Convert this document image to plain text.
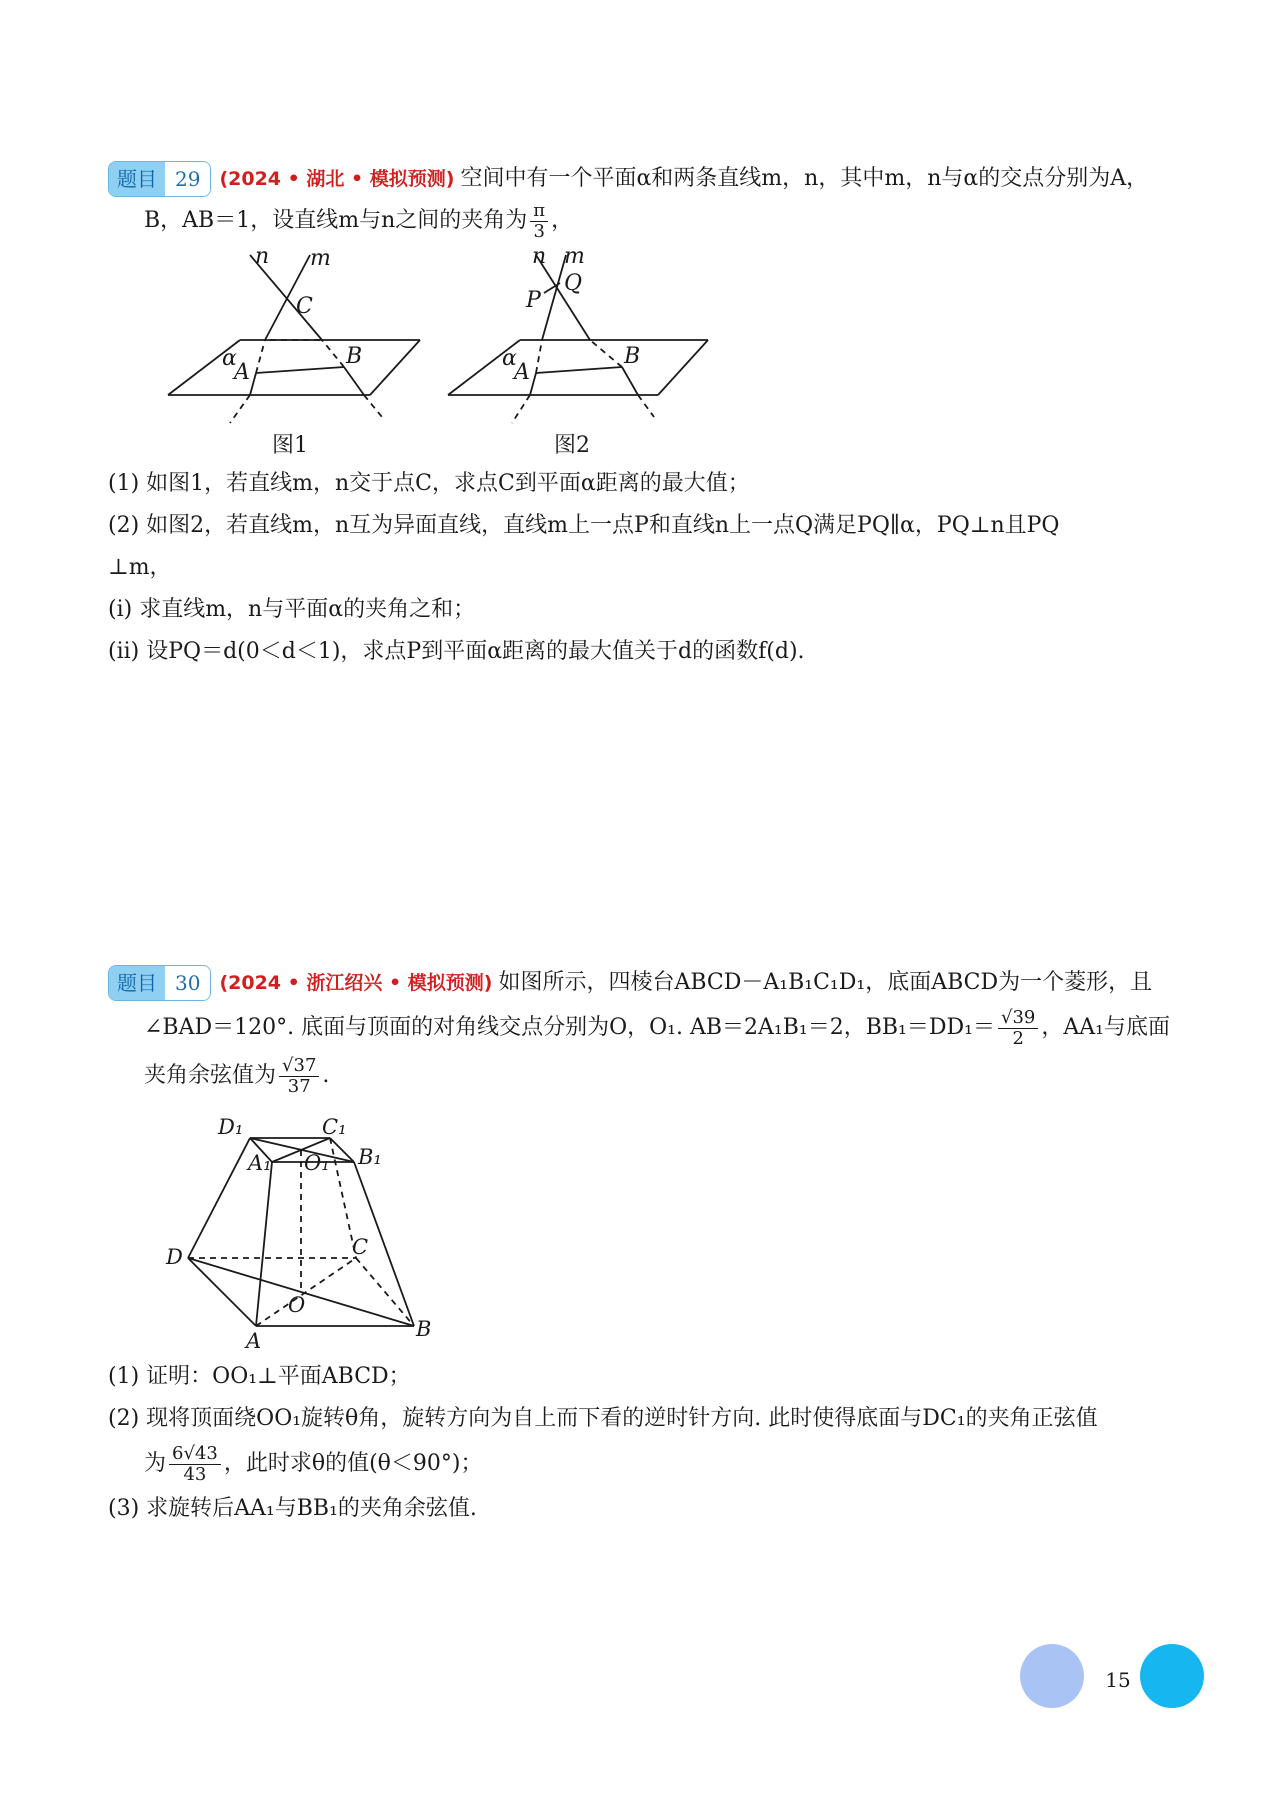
题目 29	(2024 • 湖北 • 模拟预测) 空间中有一个平面α和两条直线m，n，其中m，n与α的交点分别为A，
B，AB＝1，设直线m与n之间的夹角为 $\frac{\pi}{3}$ ，
n m
C
α
A
B
图1
n m
Q
P
α
A
B
图2
(1) 如图1，若直线m，n交于点C，求点C到平面α距离的最大值；
(2) 如图2，若直线m，n互为异面直线，直线m上一点P和直线n上一点Q满足PQ∥α，PQ⊥n且PQ
⊥m，
(i) 求直线m，n与平面α的夹角之和；
(ii) 设PQ＝d(0＜d＜1)，求点P到平面α距离的最大值关于d的函数f(d).
题目 30	(2024 • 浙江绍兴 • 模拟预测) 如图所示，四棱台ABCD－A₁B₁C₁D₁，底面ABCD为一个菱形，且
∠BAD＝120°. 底面与顶面的对角线交点分别为O，O₁. AB＝2A₁B₁＝2，$BB_1=DD_1= \frac{√39}{2}$ ，AA₁与底面
夹角余弦值为 $\frac{√37}{37}$ .
D₁	C₁
A₁ O₁ B₁
D	C
O
A	B
(1) 证明：OO₁⊥平面ABCD；
(2) 现将顶面绕OO₁旋转θ角，旋转方向为自上而下看的逆时针方向. 此时使得底面与DC₁的夹角正弦值
为 $\frac{6√43}{43}$ ，此时求θ的值(θ＜90°)；
(3) 求旋转后AA₁与BB₁的夹角余弦值.
15
